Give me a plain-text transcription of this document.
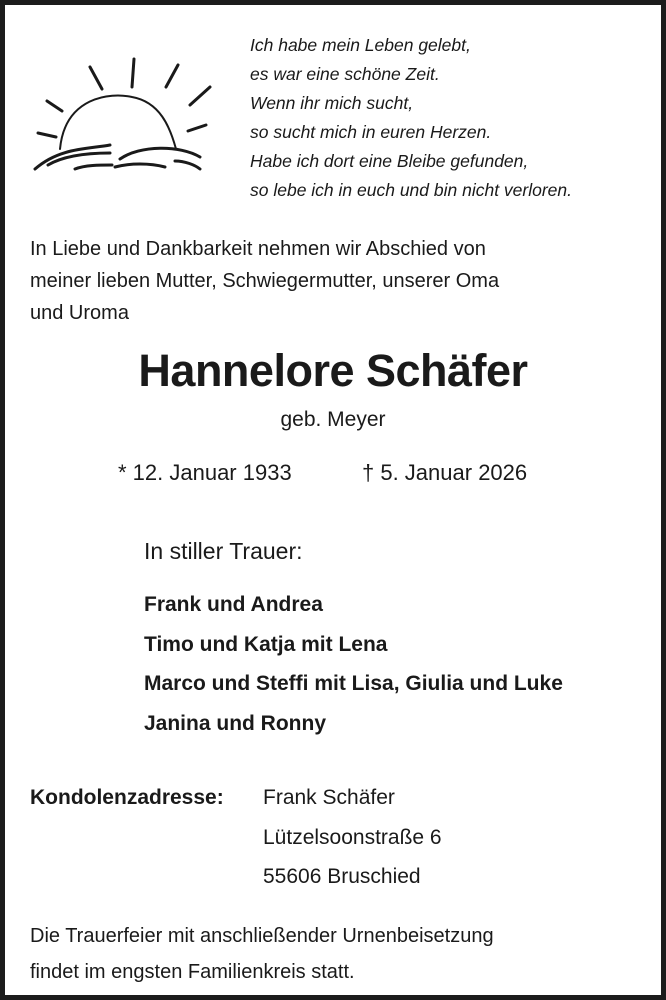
Ich habe mein Leben gelebt,
es war eine schöne Zeit.
Wenn ihr mich sucht,
so sucht mich in euren Herzen.
Habe ich dort eine Bleibe gefunden,
so lebe ich in euch und bin nicht verloren.
In Liebe und Dankbarkeit nehmen wir Abschied von
meiner lieben Mutter, Schwiegermutter, unserer Oma
und Uroma
Hannelore Schäfer
geb. Meyer
* 12. Januar 1933	† 5. Januar 2026
In stiller Trauer:
Frank und Andrea
Timo und Katja mit Lena
Marco und Steffi mit Lisa, Giulia und Luke
Janina und Ronny
Kondolenzadresse: Frank Schäfer
Lützelsoonstraße 6
55606 Bruschied
Die Trauerfeier mit anschließender Urnenbeisetzung
findet im engsten Familienkreis statt.
